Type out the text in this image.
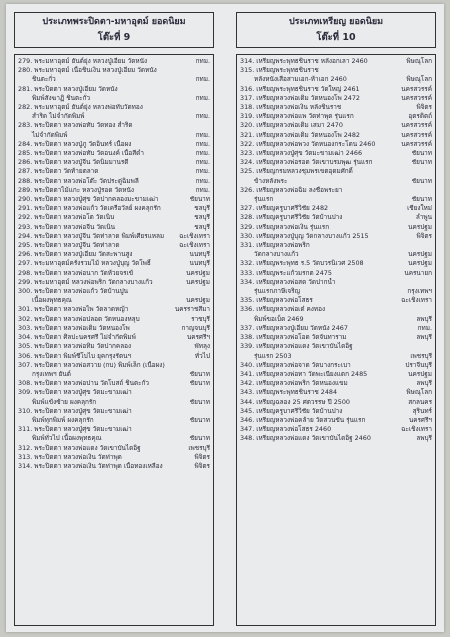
ประเภทพระปิดตา-มหาอุตม์ ยอดนิยม
โต๊ะที่ 9
279. พระมหาอุตม์ ยันต์ยุ่ง หลวงปู่เอี่ยม วัดหนัง	กทม.
280. พระมหาอุตม์ เนื้อชินเงิน หลวงปู่เอี่ยม วัดหนัง
ชินตะกั่ว	กทม.
281. พระปิดตา หลวงปู่เอี่ยม วัดหนัง
พิมพ์สังฆาฏิ ชินตะกั่ว	กทม.
282. พระมหาอุตม์ ยันต์ยุ่ง หลวงพ่อทับวัดทอง
สำริด ไม่จำกัดพิมพ์	กทม.
283. พระปิดตา หลวงพ่อทับ วัดทอง สำริด
ไม่จำกัดพิมพ์	กทม.
284. พระปิดตา หลวงปู่ภู วัดอินทร์ เนื้อผง	กทม.
285. พระปิดตา หลวงพ่อทับ วัดอนงค์ เนื้อสีดำ	กทม.
286. พระปิดตา หลวงปู่จีน วัดนิมมานรดี	กทม.
287. พระปิดตา วัดท้ายตลาด	กทม.
288. พระปิดตา หลวงพ่อโต๊ะ วัดประดู่ฉิมพลี	กทม.
289. พระปิดตาไม้แกะ หลวงปู่รอด วัดหนัง	กทม.
290. พระปิดตา หลวงปู่ศุข วัดปากคลองมะขามเฒ่า	ชัยนาท
291. พระปิดตา หลวงพ่อแก้ว วัดเครือวัลย์ ผงคลุกรัก	ชลบุรี
292. พระปิดตา หลวงพ่อโต วัดเนิน	ชลบุรี
293. พระปิดตา หลวงพ่อจีน วัดเนิน	ชลบุรี
294. พระปิดตา หลวงปู่จีน วัดท่าลาด พิมพ์เศียรแหลม ฉะเชิงเทรา
295. พระปิดตา หลวงปู่จีน วัดท่าลาด	ฉะเชิงเทรา
296. พระปิดตา หลวงปู่เอี่ยม วัดสะพานสูง	นนทบุรี
297. พระมหาอุตม์ครั่งรวมไม้ หลวงปู่บุญ วัดโพธิ์	นนทบุรี
298. พระปิดตา หลวงพ่อนาก วัดห้วยจรเข้	นครปฐม
299. พระมหาอุตม์ หลวงพ่อพริก วัดกลางบางแก้ว	นครปฐม
300. พระปิดตา หลวงพ่อแก้ว วัดบ้านปูน
เนื้อผงพุทธคุณ	นครปฐม
301. พระปิดตา หลวงพ่อไพ วัดลาดหญ้า	นครราชสีมา
302. พระปิดตา หลวงพ่อปลอด วัดหนองหลุบ	ราชบุรี
303. พระปิดตา หลวงพ่อเดิม วัดหนองโพ	กาญจนบุรี
304. พระปิดตา ศิลปะนครศรี ไม่จำกัดพิมพ์	นครศรีฯ
305. พระปิดตา หลวงพ่อทิม วัดปากคลอง	พัทลุง
306. พระปิดตา พิมพ์ชีโบไบ ยุคกรุงรัตนฯ	ทั่วไป
307. พระปิดตา หลวงพ่อสวาย (กบ) พิมพ์เล็ก (เนื้อผง)
กรุงเทพฯ ยันต์	ชัยนาท
308. พระปิดตา หลวงพ่อปาน วัดโบสถ์ ชินตะกั่ว	ชัยนาท
309. พระปิดตา หลวงปู่ศุข วัดมะขามเฒ่า
พิมพ์แข้งซ้าย ผงคลุกรัก	ชัยนาท
310. พระปิดตา หลวงปู่ศุข วัดมะขามเฒ่า
พิมพ์ทุกพิมพ์ ผงคลุกรัก	ชัยนาท
311. พระปิดตา หลวงปู่ศุข วัดมะขามเฒ่า
พิมพ์ทั่วไป เนื้อผงพุทธคุณ	ชัยนาท
312. พระปิดตา หลวงพ่อแดง วัดเขาบันไดอิฐ	เพชรบุรี
313. พระปิดตา หลวงพ่อเงิน วัดท่าพุด	พิจิตร
314. พระปิดตา หลวงพ่อเงิน วัดท่าพุด เนื้อทองเหลือง	พิจิตร
ประเภทเหรียญ ยอดนิยม
โต๊ะที่ 10
314. เหรียญพระพุทธชินราช หลังอกเลา 2460	พิษณุโลก
315. เหรียญพระพุทธชินราช
หลังหนังเสือสามเอก-ห้าเอก 2460	พิษณุโลก
316. เหรียญพระพุทธชินราช วัดใหญ่ 2461	นครสวรรค์
317. เหรียญหลวงพ่อเดิม วัดหนองโพ 2472	นครสวรรค์
318. เหรียญหลวงพ่อเงิน หลังชินราช	พิจิตร
319. เหรียญหลวงพ่อแพ วัดท่าพุด รุ่นแรก	อุตรดิตถ์
320. เหรียญหลวงพ่อเดิม เสมา 2470	นครสวรรค์
321. เหรียญหลวงพ่อเดิม วัดหนองโพ 2482	นครสวรรค์
322. เหรียญหลวงพ่อพวง วัดหนองกระโดน 2460	นครสวรรค์
323. เหรียญหลวงปู่ศุข วัดมะขามเฒ่า 2466	ชัยนาท
324. เหรียญหลวงพ่อรอด วัดเขาบรมพุฒ รุ่นแรก	ชัยนาท
325. เหรียญกรมหลวงชุมพรเขตอุดมศักดิ์
ข้างหลังพระ	ชัยนาท
326. เหรียญหลวงพ่อฉิม ลงชื่อพระยา
รุ่นแรก	ชัยนาท
327. เหรียญครูบาศรีวิชัย 2482	เชียงใหม่
328. เหรียญครูบาศรีวิชัย วัดบ้านปาง	ลำพูน
329. เหรียญหลวงพ่อเงิน รุ่นแรก	นครปฐม
330. เหรียญหลวงปู่บุญ วัดกลางบางแก้ว 2515	พิจิตร
331. เหรียญหลวงพ่อพริก
วัดกลางบางแก้ว	นครปฐม
332. เหรียญพระพุทธ ร.5 วัดบวรนิเวศ 2508	นครปฐม
333. เหรียญพระแก้วมรกต 2475	นครนายก
334. เหรียญหลวงพ่อสด วัดปากน้ำ
รุ่นแรกภาษีเจริญ	กรุงเทพฯ
335. เหรียญหลวงพ่อโสธร	ฉะเชิงเทรา
336. เหรียญหลวงพ่อเต๋ คงทอง
พิมพ์ขอเบ็ด 2469	ลพบุรี
337. เหรียญหลวงปู่เอี่ยม วัดหนัง 2467	กทม.
338. เหรียญหลวงพ่อโอด วัดจันทาราม	ลพบุรี
339. เหรียญหลวงพ่อแดง วัดเขาบันไดอิฐ
รุ่นแรก 2503	เพชรบุรี
340. เหรียญหลวงพ่อจาด วัดบางกระเบา	ปราจีนบุรี
341. เหรียญหลวงพ่อทา วัดพะเนียงแตก 2485	นครปฐม
342. เหรียญหลวงพ่อพริก วัดหนองแขม	ลพบุรี
343. เหรียญพระพุทธชินราช 2484	พิษณุโลก
344. เหรียญฉลอง 25 ศตวรรษ ปี 2500	สกลนคร
345. เหรียญครูบาศรีวิชัย วัดบ้านปาง	สุรินทร์
346. เหรียญหลวงพ่อคล้าย วัดสวนขัน รุ่นแรก	นครศรีฯ
347. เหรียญหลวงพ่อโสธร 2460	ฉะเชิงเทรา
348. เหรียญหลวงพ่อแดง วัดเขาบันไดอิฐ 2460	ลพบุรี
